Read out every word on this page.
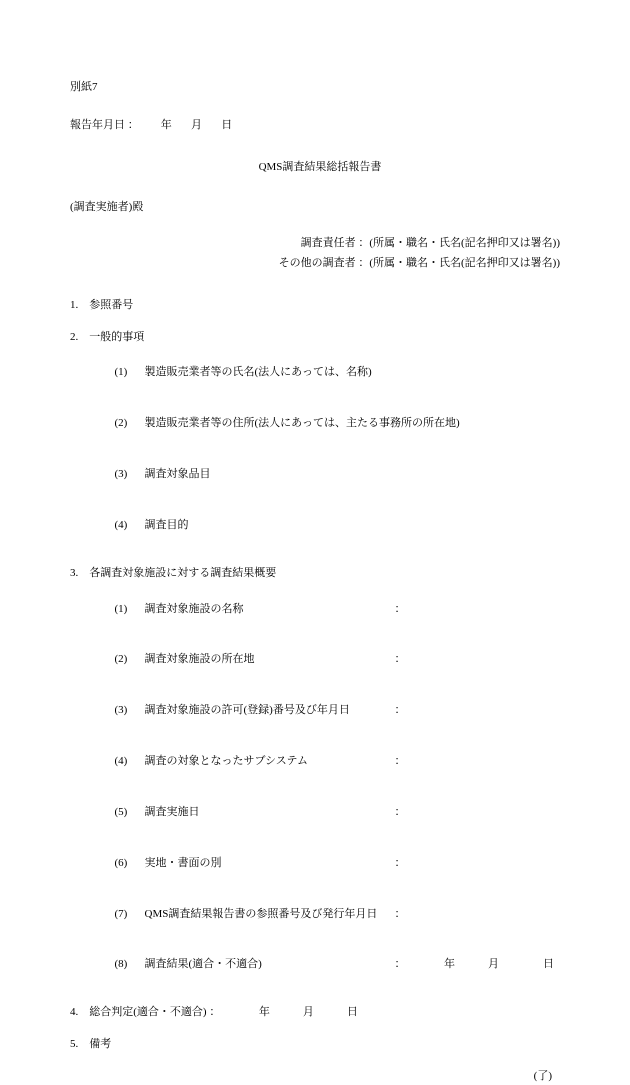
別紙7
報告年月日 ：        年       月       日
QMS調査結果総括報告書
(調査実施者)殿
調査責任者 ：(所属・職名・氏名(記名押印又は署名))
その他の調査者 ：(所属・職名・氏名(記名押印又は署名))
1.　参照番号
2.　一般的事項

(1) 製造販売業者等の氏名(法人にあっては、名称)

(2) 製造販売業者等の住所(法人にあっては、主たる事務所の所在地)

(3) 調査対象品目

(4) 調査目的

3.　各調査対象施設に対する調査結果概要

(1) 調査対象施設の名称	：

(2) 調査対象施設の所在地	：

(3) 調査対象施設の許可(登録)番号及び年月日	：

(4) 調査の対象となったサブシステム	：

(5) 調査実施日	：

(6) 実地・書面の別	：

(7) QMS調査結果報告書の参照番号及び発行年月日 ：

(8) 調査結果(適合・不適合)	：　　　　年　　　月　　　　日

4.　総合判定(適合・不適合) ：　　　　年　　　月　　　日
5.　備考
(了)
